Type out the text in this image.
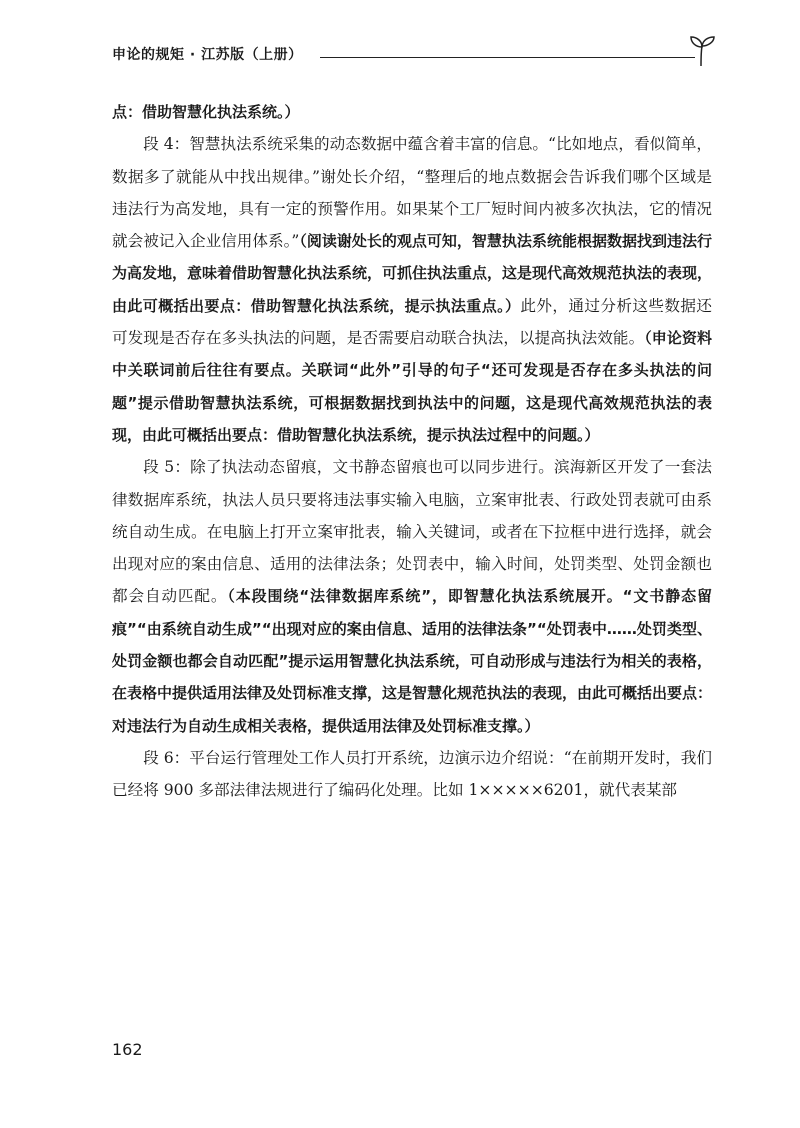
申论的规矩 · 江苏版（上册）

点：借助智慧化执法系统。）

段 4：智慧执法系统采集的动态数据中蕴含着丰富的信息。“比如地点，看似简单，数据多了就能从中找出规律。”谢处长介绍，“整理后的地点数据会告诉我们哪个区域是违法行为高发地，具有一定的预警作用。如果某个工厂短时间内被多次执法，它的情况就会被记入企业信用体系。”（阅读谢处长的观点可知，智慧执法系统能根据数据找到违法行为高发地，意味着借助智慧化执法系统，可抓住执法重点，这是现代高效规范执法的表现，由此可概括出要点：借助智慧化执法系统，提示执法重点。）此外，通过分析这些数据还可发现是否存在多头执法的问题，是否需要启动联合执法，以提高执法效能。（申论资料中关联词前后往往有要点。关联词“此外”引导的句子“还可发现是否存在多头执法的问题”提示借助智慧执法系统，可根据数据找到执法中的问题，这是现代高效规范执法的表现，由此可概括出要点：借助智慧化执法系统，提示执法过程中的问题。）

段 5：除了执法动态留痕，文书静态留痕也可以同步进行。滨海新区开发了一套法律数据库系统，执法人员只要将违法事实输入电脑，立案审批表、行政处罚表就可由系统自动生成。在电脑上打开立案审批表，输入关键词，或者在下拉框中进行选择，就会出现对应的案由信息、适用的法律法条；处罚表中，输入时间，处罚类型、处罚金额也都会自动匹配。（本段围绕“法律数据库系统”，即智慧化执法系统展开。“文书静态留痕”“由系统自动生成”“出现对应的案由信息、适用的法律法条”“处罚表中……处罚类型、处罚金额也都会自动匹配”提示运用智慧化执法系统，可自动形成与违法行为相关的表格，在表格中提供适用法律及处罚标准支撑，这是智慧化规范执法的表现，由此可概括出要点：对违法行为自动生成相关表格，提供适用法律及处罚标准支撑。）

段 6：平台运行管理处工作人员打开系统，边演示边介绍说：“在前期开发时，我们已经将 900 多部法律法规进行了编码化处理。比如 1×××××6201，就代表某部

162
